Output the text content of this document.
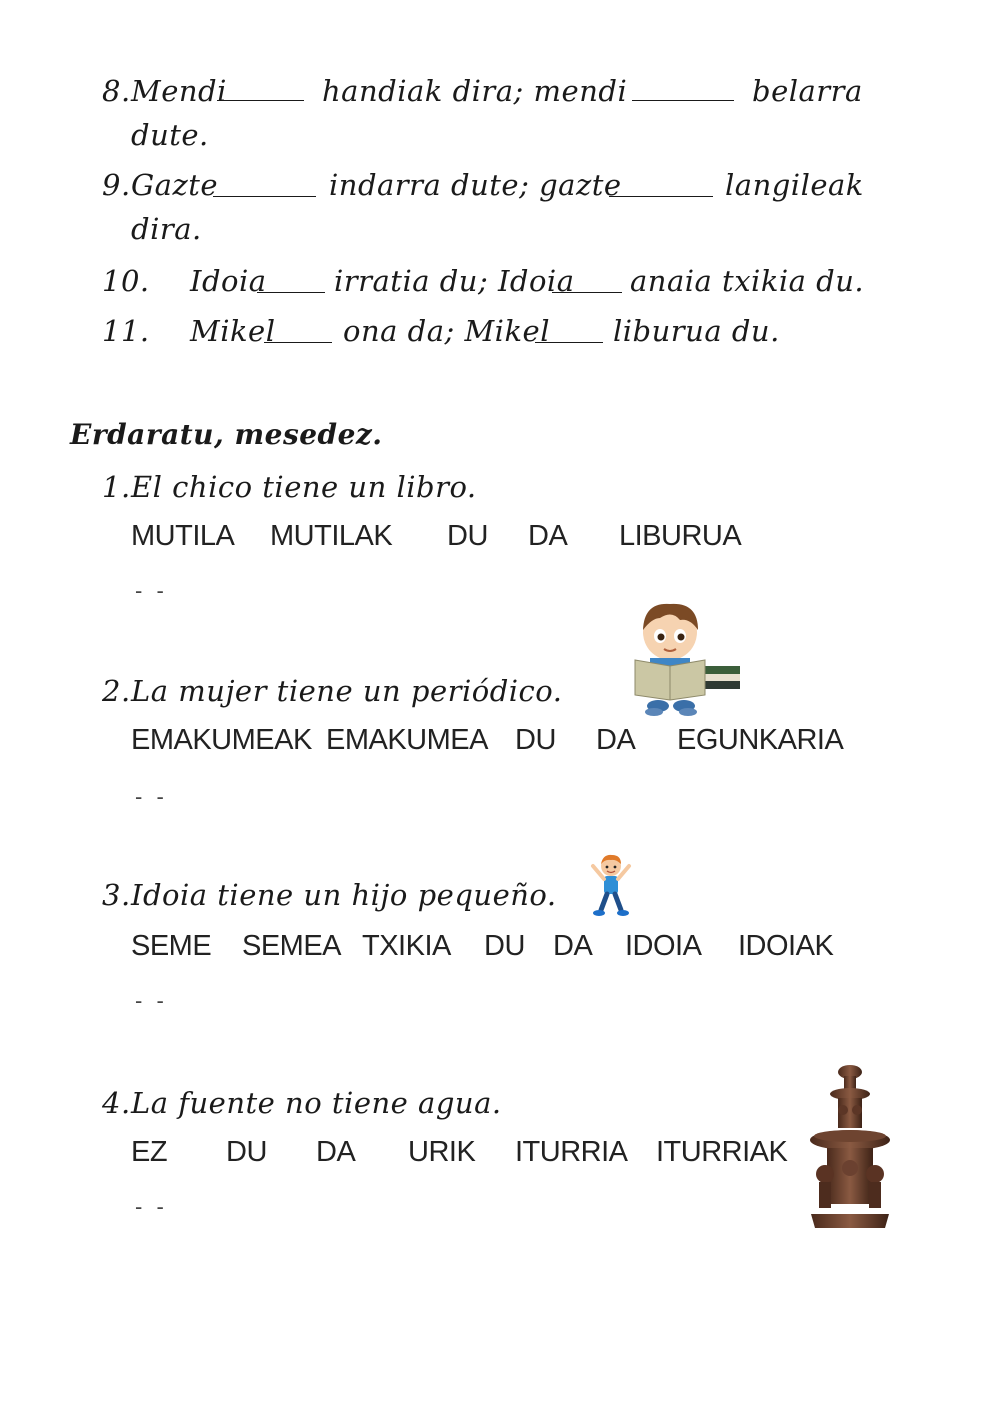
8. Mendi	handiak dira; mendi	belarra
dute.
9. Gazte	indarra dute; gazte	langileak
dira.
10. Idoia irratia du; Idoia anaia txikia du.
11. Mikel ona da; Mikel liburua du.
Erdaratu, mesedez.
1. El chico tiene un libro.
MUTILA MUTILAK DU DA LIBURUA
- -
2. La mujer tiene un periódico.
EMAKUMEAK EMAKUMEA DU DA EGUNKARIA
- -
3. Idoia tiene un hijo pequeño.
SEME SEMEA TXIKIA DU DA IDOIA IDOIAK
- -
4. La fuente no tiene agua.
EZ DU DA URIK ITURRIA ITURRIAK
- -
